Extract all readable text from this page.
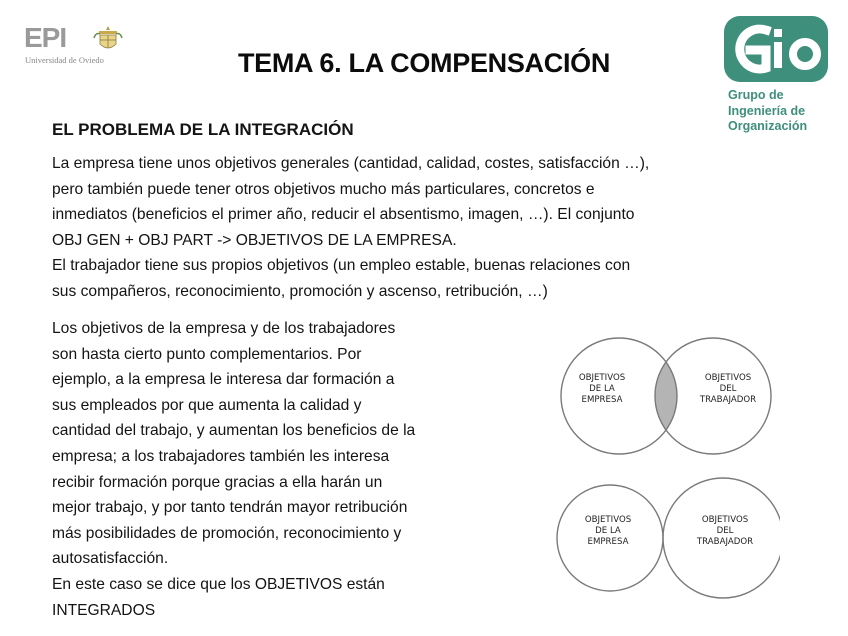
EPI
Universidad de Oviedo	TEMA 6. LA COMPENSACIÓN
Grupo de
Ingeniería de
Organización
EL PROBLEMA DE LA INTEGRACIÓN
La empresa tiene unos objetivos generales (cantidad, calidad, costes, satisfacción …),
pero también puede tener otros objetivos mucho más particulares, concretos e
inmediatos (beneficios el primer año, reducir el absentismo, imagen, …). El conjunto
OBJ GEN + OBJ PART -> OBJETIVOS DE LA EMPRESA.
El trabajador tiene sus propios objetivos (un empleo estable, buenas relaciones con
sus compañeros, reconocimiento, promoción y ascenso, retribución, …)
Los objetivos de la empresa y de los trabajadores
son hasta cierto punto complementarios. Por
ejemplo, a la empresa le interesa dar formación a
sus empleados por que aumenta la calidad y
cantidad del trabajo, y aumentan los beneficios de la
empresa; a los trabajadores también les interesa
recibir formación porque gracias a ella harán un
mejor trabajo, y por tanto tendrán mayor retribución
más posibilidades de promoción, reconocimiento y
autosatisfacción.
En este caso se dice que los OBJETIVOS están
INTEGRADOS
OBJETIVOS
DE LA
EMPRESA
OBJETIVOS
DEL
TRABAJADOR
OBJETIVOS
DE LA
EMPRESA
OBJETIVOS
DEL
TRABAJADOR
